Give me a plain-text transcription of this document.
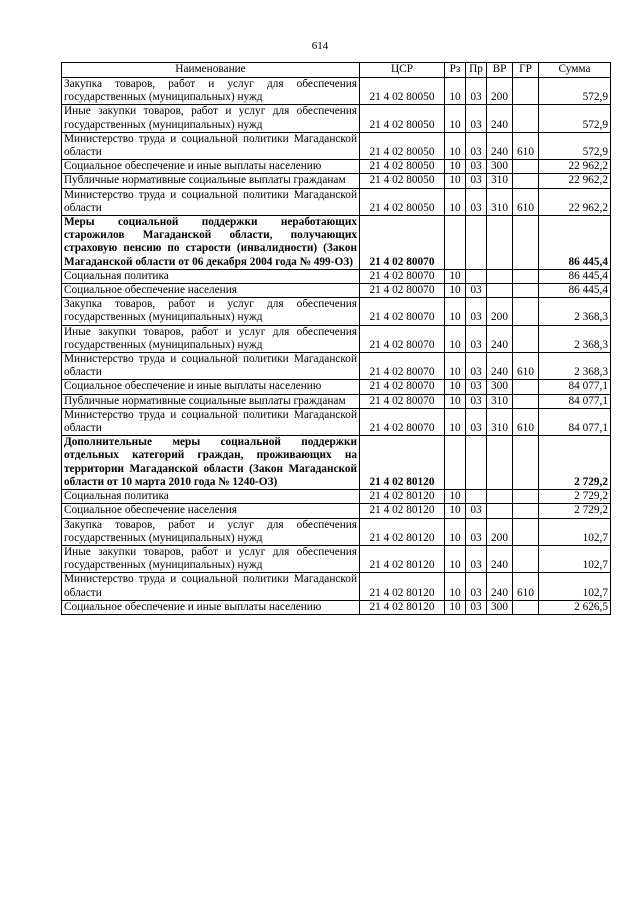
614
Наименование	ЦСР	Рз	Пр	ВР	ГР	Сумма
Закупка товаров, работ и услуг для обеспечения государственных (муниципальных) нужд	21 4 02 80050	10	03	200		572,9
Иные закупки товаров, работ и услуг для обеспечения государственных (муниципальных) нужд	21 4 02 80050	10	03	240		572,9
Министерство труда и социальной политики Магаданской области	21 4 02 80050	10	03	240	610	572,9
Социальное обеспечение и иные выплаты населению	21 4 02 80050	10	03	300		22 962,2
Публичные нормативные социальные выплаты гражданам	21 4 02 80050	10	03	310		22 962,2
Министерство труда и социальной политики Магаданской области	21 4 02 80050	10	03	310	610	22 962,2
Меры социальной поддержки неработающих старожилов Магаданской области, получающих страховую пенсию по старости (инвалидности) (Закон Магаданской области от 06 декабря 2004 года № 499-ОЗ)	21 4 02 80070					86 445,4
Социальная политика	21 4 02 80070	10				86 445,4
Социальное обеспечение населения	21 4 02 80070	10	03			86 445,4
Закупка товаров, работ и услуг для обеспечения государственных (муниципальных) нужд	21 4 02 80070	10	03	200		2 368,3
Иные закупки товаров, работ и услуг для обеспечения государственных (муниципальных) нужд	21 4 02 80070	10	03	240		2 368,3
Министерство труда и социальной политики Магаданской области	21 4 02 80070	10	03	240	610	2 368,3
Социальное обеспечение и иные выплаты населению	21 4 02 80070	10	03	300		84 077,1
Публичные нормативные социальные выплаты гражданам	21 4 02 80070	10	03	310		84 077,1
Министерство труда и социальной политики Магаданской области	21 4 02 80070	10	03	310	610	84 077,1
Дополнительные меры социальной поддержки отдельных категорий граждан, проживающих на территории Магаданской области (Закон Магаданской области от 10 марта 2010 года № 1240-ОЗ)	21 4 02 80120					2 729,2
Социальная политика	21 4 02 80120	10				2 729,2
Социальное обеспечение населения	21 4 02 80120	10	03			2 729,2
Закупка товаров, работ и услуг для обеспечения государственных (муниципальных) нужд	21 4 02 80120	10	03	200		102,7
Иные закупки товаров, работ и услуг для обеспечения государственных (муниципальных) нужд	21 4 02 80120	10	03	240		102,7
Министерство труда и социальной политики Магаданской области	21 4 02 80120	10	03	240	610	102,7
Социальное обеспечение и иные выплаты населению	21 4 02 80120	10	03	300		2 626,5
